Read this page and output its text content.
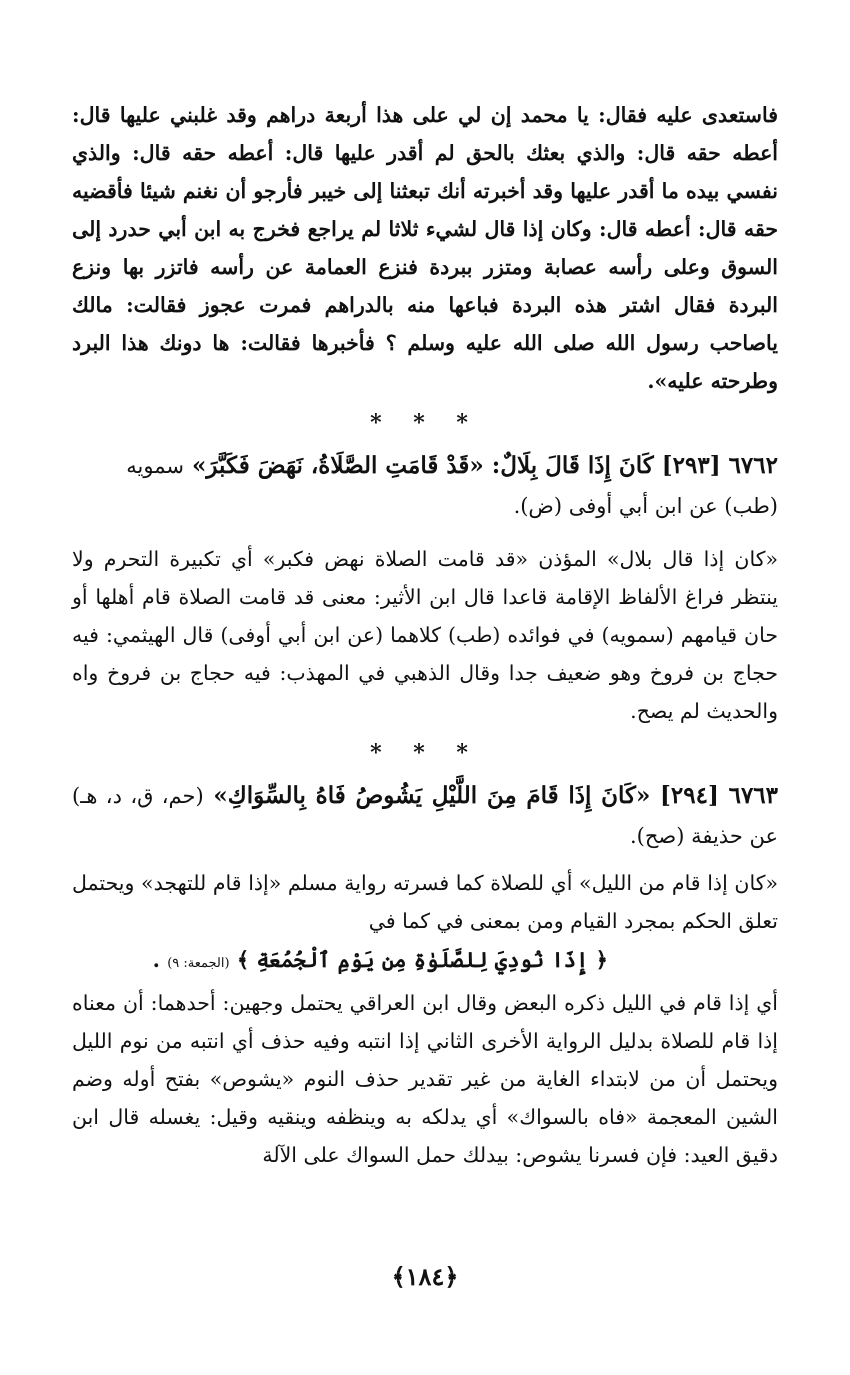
فاستعدى عليه فقال: يا محمد إن لي على هذا أربعة دراهم وقد غلبني عليها قال: أعطه حقه قال: والذي بعثك بالحق لم أقدر عليها قال: أعطه حقه قال: والذي نفسي بيده ما أقدر عليها وقد أخبرته أنك تبعثنا إلى خيبر فأرجو أن نغنم شيئا فأقضيه حقه قال: أعطه قال: وكان إذا قال لشيء ثلاثا لم يراجع فخرج به ابن أبي حدرد إلى السوق وعلى رأسه عصابة ومتزر ببردة فنزع العمامة عن رأسه فاتزر بها ونزع البردة فقال اشتر هذه البردة فباعها منه بالدراهم فمرت عجوز فقالت: مالك ياصاحب رسول الله صلى الله عليه وسلم ؟ فأخبرها فقالت: ها دونك هذا البرد وطرحته عليه».

* * *

٦٧٦٢ [٢٩٣] كَانَ إِذَا قَالَ بِلَالٌ: «قَدْ قَامَتِ الصَّلَاةُ، نَهَضَ فَكَبَّرَ» سمويه

(طب) عن ابن أبي أوفى (ض).

«كان إذا قال بلال» المؤذن «قد قامت الصلاة نهض فكبر» أي تكبيرة التحرم ولا ينتظر فراغ الألفاظ الإقامة قاعدا قال ابن الأثير: معنى قد قامت الصلاة قام أهلها أو حان قيامهم (سمويه) في فوائده (طب) كلاهما (عن ابن أبي أوفى) قال الهيثمي: فيه حجاج بن فروخ وهو ضعيف جدا وقال الذهبي في المهذب: فيه حجاج بن فروخ واه والحديث لم يصح.

* * *

٦٧٦٣ [٢٩٤] «كَانَ إِذَا قَامَ مِنَ اللَّيْلِ يَشُوصُ فَاهُ بِالسِّوَاكِ» (حم، ق، د، هـ) عن حذيفة (صح).

«كان إذا قام من الليل» أي للصلاة كما فسرته رواية مسلم «إذا قام للتهجد» ويحتمل تعلق الحكم بمجرد القيام ومن بمعنى في كما في

﴿ إِذَا نُودِيَ لِلصَّلَوٰةِ مِن يَوْمِ ٱلْجُمُعَةِ ﴾ (الجمعة: ٩) .

أي إذا قام في الليل ذكره البعض وقال ابن العراقي يحتمل وجهين: أحدهما: أن معناه إذا قام للصلاة بدليل الرواية الأخرى الثاني إذا انتبه وفيه حذف أي انتبه من نوم الليل ويحتمل أن من لابتداء الغاية من غير تقدير حذف النوم «يشوص» بفتح أوله وضم الشين المعجمة «فاه بالسواك» أي يدلكه به وينظفه وينقيه وقيل: يغسله قال ابن دقيق العيد: فإن فسرنا يشوص: بيدلك حمل السواك على الآلة

﴿١٨٤﴾
